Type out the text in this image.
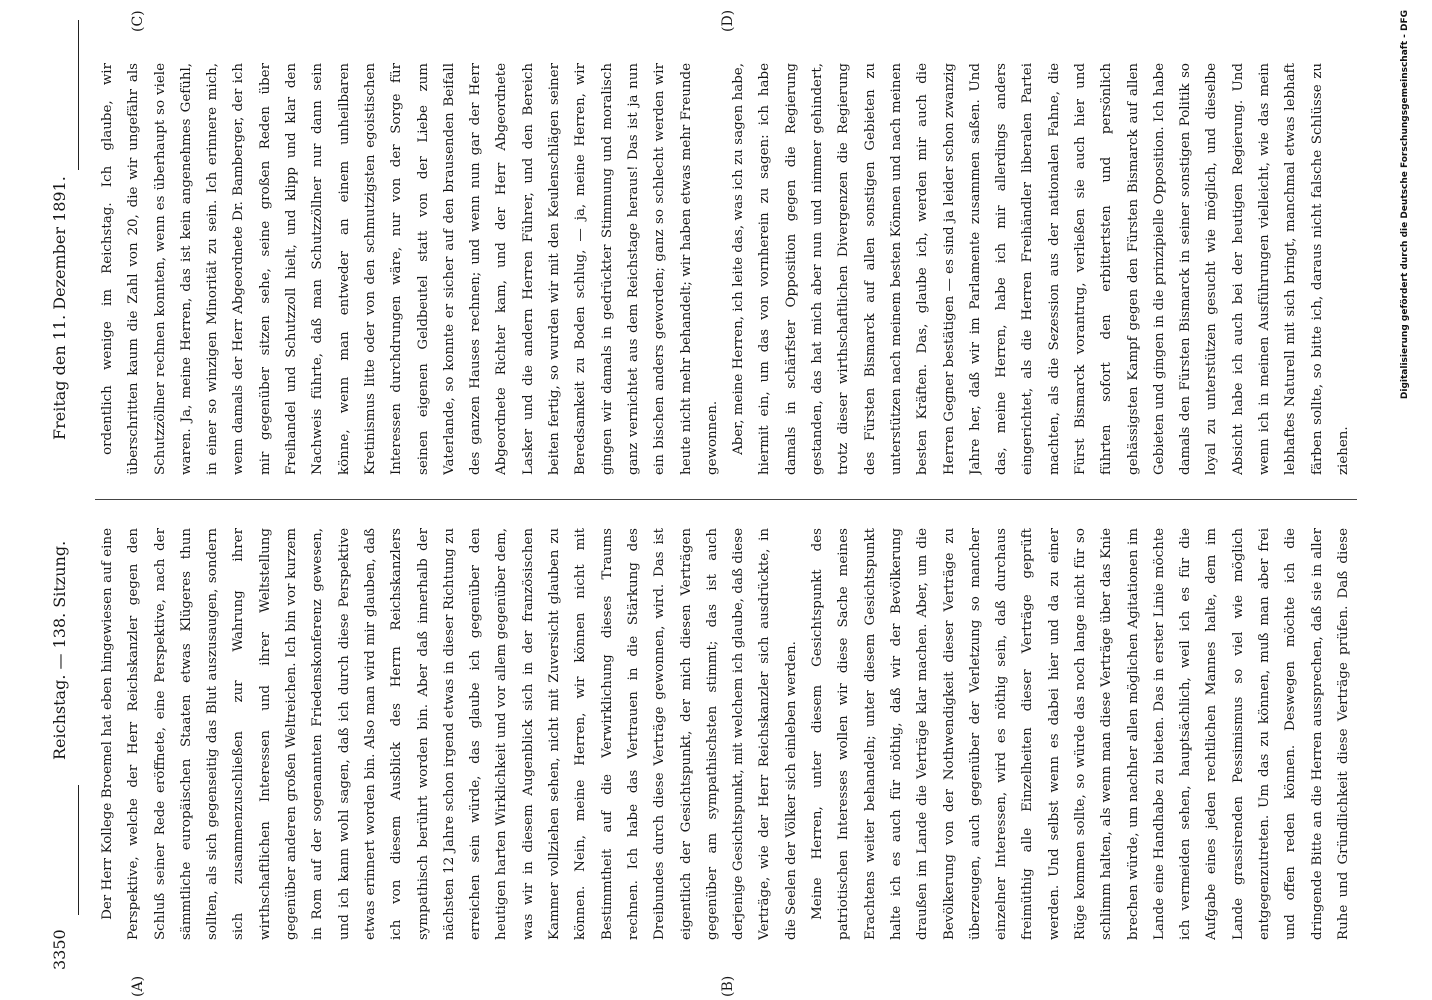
3350
Reichstag. — 138. Sitzung.
Freitag den 11. Dezember 1891.
(A)	(B)
(C)	(D)

Der Herr Kollege Broemel hat eben hingewiesen auf eine Perspektive, welche der Herr Reichskanzler gegen den Schluß seiner Rede eröffnete, eine Perspektive, nach der sämmtliche europäischen Staaten etwas Klügeres thun sollten, als sich gegenseitig das Blut auszusaugen, sondern sich zusammenzuschließen zur Wahrung ihrer wirthschaftlichen Interessen und ihrer Weltstellung gegenüber anderen großen Weltreichen. Ich bin vor kurzem in Rom auf der sogenannten Friedenskonferenz gewesen, und ich kann wohl sagen, daß ich durch diese Perspektive etwas erinnert worden bin. Also man wird mir glauben, daß ich von diesem Ausblick des Herrn Reichskanzlers sympathisch berührt worden bin. Aber daß innerhalb der nächsten 12 Jahre schon irgend etwas in dieser Richtung zu erreichen sein würde, das glaube ich gegenüber den heutigen harten Wirklichkeit und vor allem gegenüber dem, was wir in diesem Augenblick sich in der französischen Kammer vollziehen sehen, nicht mit Zuversicht glauben zu können. Nein, meine Herren, wir können nicht mit Bestimmtheit auf die Verwirklichung dieses Traums rechnen. Ich habe das Vertrauen in die Stärkung des Dreibundes durch diese Verträge gewonnen, wird. Das ist eigentlich der Gesichtspunkt, der mich diesen Verträgen gegenüber am sympathischsten stimmt; das ist auch derjenige Gesichtspunkt, mit welchem ich glaube, daß diese Verträge, wie der Herr Reichskanzler sich ausdrückte, in die Seelen der Völker sich einleben werden. Meine Herren, unter diesem Gesichtspunkt des patriotischen Interesses wollen wir diese Sache meines Erachtens weiter behandeln; unter diesem Gesichtspunkt halte ich es auch für nöthig, daß wir der Bevölkerung draußen im Lande die Verträge klar machen. Aber, um die Bevölkerung von der Nothwendigkeit dieser Verträge zu überzeugen, auch gegenüber der Verletzung so mancher einzelner Interessen, wird es nöthig sein, daß durchaus freimüthig alle Einzelheiten dieser Verträge geprüft werden. Und selbst wenn es dabei hier und da zu einer Rüge kommen sollte, so würde das noch lange nicht für so schlimm halten, als wenn man diese Verträge über das Knie brechen würde, um nachher allen möglichen Agitationen im Lande eine Handhabe zu bieten. Das in erster Linie möchte ich vermeiden sehen, hauptsächlich, weil ich es für die Aufgabe eines jeden rechtlichen Mannes halte, dem im Lande grassirenden Pessimismus so viel wie möglich entgegenzutreten. Um das zu können, muß man aber frei und offen reden können. Deswegen möchte ich die dringende Bitte an die Herren aussprechen, daß sie in aller Ruhe und Gründlichkeit diese Verträge prüfen. Daß diese

ordentlich wenige im Reichstag. Ich glaube, wir überschritten kaum die Zahl von 20, die wir ungefähr als Schutzzöllner rechnen konnten, wenn es überhaupt so viele waren. Ja, meine Herren, das ist kein angenehmes Gefühl, in einer so winzigen Minorität zu sein. Ich erinnere mich, wenn damals der Herr Abgeordnete Dr. Bamberger, der ich mir gegenüber sitzen sehe, seine großen Reden über Freihandel und Schutzzoll hielt, und klipp und klar den Nachweis führte, daß man Schutzzöllner nur dann sein könne, wenn man entweder an einem unheilbaren Kretinismus litte oder von den schmutzigsten egoistischen Interessen durchdrungen wäre, nur von der Sorge für seinen eigenen Geldbeutel statt von der Liebe zum Vaterlande, so konnte er sicher auf den brausenden Beifall des ganzen Hauses rechnen; und wenn nun gar der Herr Abgeordnete Richter kam, und der Herr Abgeordnete Lasker und die andern Herren Führer, und den Bereich beiten fertig, so wurden wir mit den Keulenschlägen seiner Beredsamkeit zu Boden schlug, — ja, meine Herren, wir gingen wir damals in gedrückter Stimmung und moralisch ganz vernichtet aus dem Reichstage heraus! Das ist ja nun ein bischen anders geworden; ganz so schlecht werden wir heute nicht mehr behandelt; wir haben etwas mehr Freunde gewonnen. Aber, meine Herren, ich leite das, was ich zu sagen habe, hiermit ein, um das von vornherein zu sagen: ich habe damals in schärfster Opposition gegen die Regierung gestanden, das hat mich aber nun und nimmer gehindert, trotz dieser wirthschaftlichen Divergenzen die Regierung des Fürsten Bismarck auf allen sonstigen Gebieten zu unterstützen nach meinem besten Können und nach meinen besten Kräften. Das, glaube ich, werden mir auch die Herren Gegner bestätigen — es sind ja leider schon zwanzig Jahre her, daß wir im Parlamente zusammen saßen. Und das, meine Herren, habe ich mir allerdings anders eingerichtet, als die Herren Freihändler liberalen Partei machten, als die Sezession aus der nationalen Fahne, die Fürst Bismarck vorantrug, verließen sie auch hier und führten sofort den erbittertsten und persönlich gehässigsten Kampf gegen den Fürsten Bismarck auf allen Gebieten und gingen in die prinzipielle Opposition. Ich habe damals den Fürsten Bismarck in seiner sonstigen Politik so loyal zu unterstützen gesucht wie möglich, und dieselbe Absicht habe ich auch bei der heutigen Regierung. Und wenn ich in meinen Ausführungen vielleicht, wie das mein lebhaftes Naturell mit sich bringt, manchmal etwas lebhaft färben sollte, so bitte ich, daraus nicht falsche Schlüsse zu ziehen.

Digitalisierung gefördert durch die Deutsche Forschungsgemeinschaft - DFG
